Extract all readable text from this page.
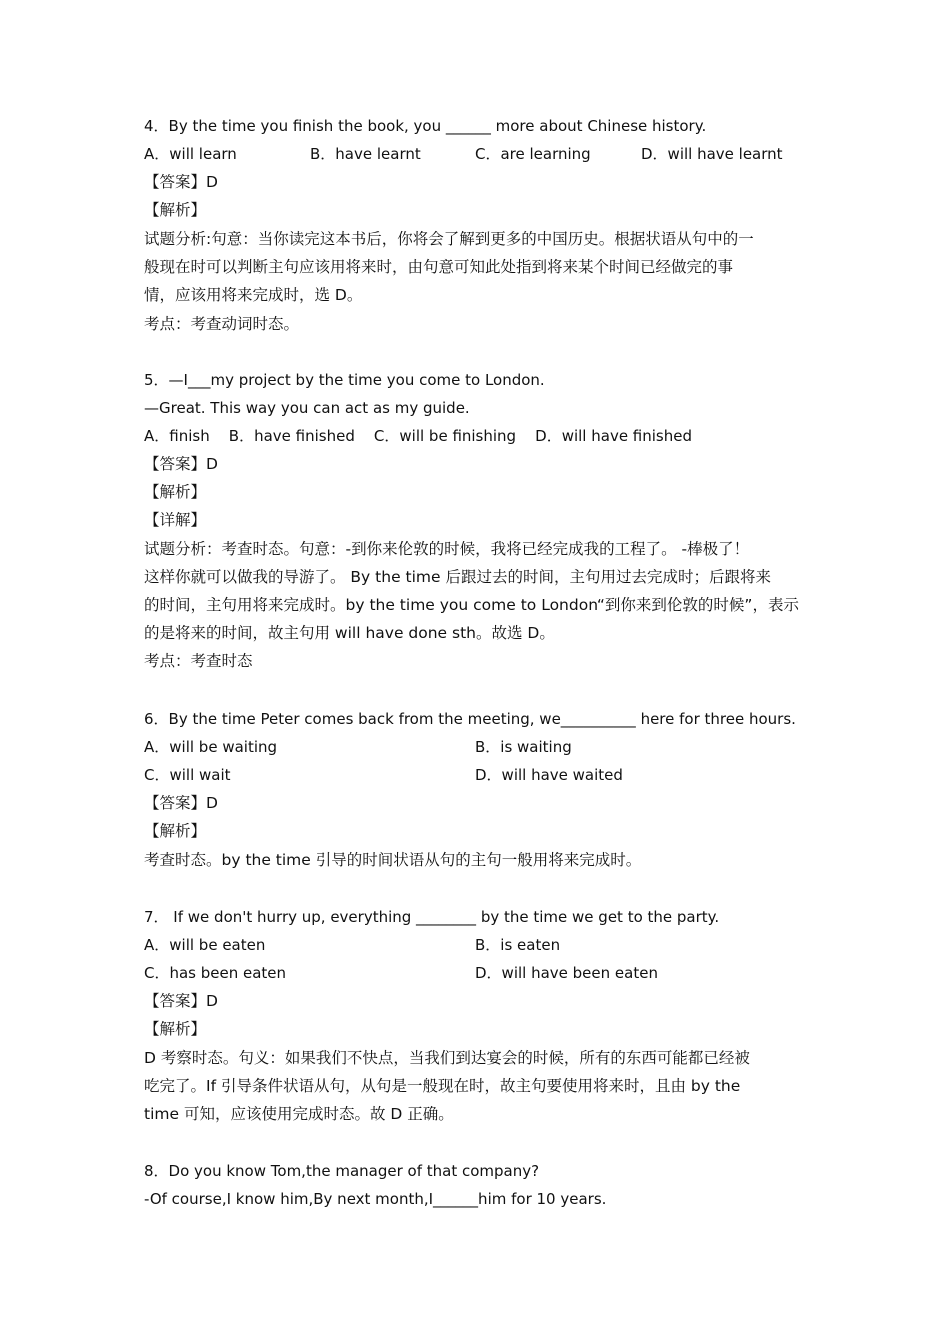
4．By the time you finish the book, you ______ more about Chinese history.
A．will learn	B．have learnt	C．are learning	D．will have learnt
【答案】D
【解析】
试题分析:句意：当你读完这本书后，你将会了解到更多的中国历史。根据状语从句中的一
般现在时可以判断主句应该用将来时，由句意可知此处指到将来某个时间已经做完的事
情，应该用将来完成时，选 D。
考点：考查动词时态。
5．—I___my project by the time you come to London.
—Great. This way you can act as my guide.
A．finish    B．have finished    C．will be finishing    D．will have finished
【答案】D
【解析】
【详解】
试题分析：考查时态。句意：-到你来伦敦的时候，我将已经完成我的工程了。 -棒极了！
这样你就可以做我的导游了。 By the time 后跟过去的时间，主句用过去完成时；后跟将来
的时间，主句用将来完成时。by the time you come to London“到你来到伦敦的时候”，表示
的是将来的时间，故主句用 will have done sth。故选 D。
考点：考查时态
6．By the time Peter comes back from the meeting, we__________ here for three hours.
A．will be waiting	B．is waiting
C．will wait	D．will have waited
【答案】D
【解析】
考查时态。by the time 引导的时间状语从句的主句一般用将来完成时。
7． If we don't hurry up, everything ________ by the time we get to the party.
A．will be eaten	B．is eaten
C．has been eaten	D．will have been eaten
【答案】D
【解析】
D 考察时态。句义：如果我们不快点，当我们到达宴会的时候，所有的东西可能都已经被
吃完了。If 引导条件状语从句，从句是一般现在时，故主句要使用将来时，且由 by the
time 可知，应该使用完成时态。故 D 正确。
8．Do you know Tom,the manager of that company?
-Of course,I know him,By next month,I______him for 10 years.
